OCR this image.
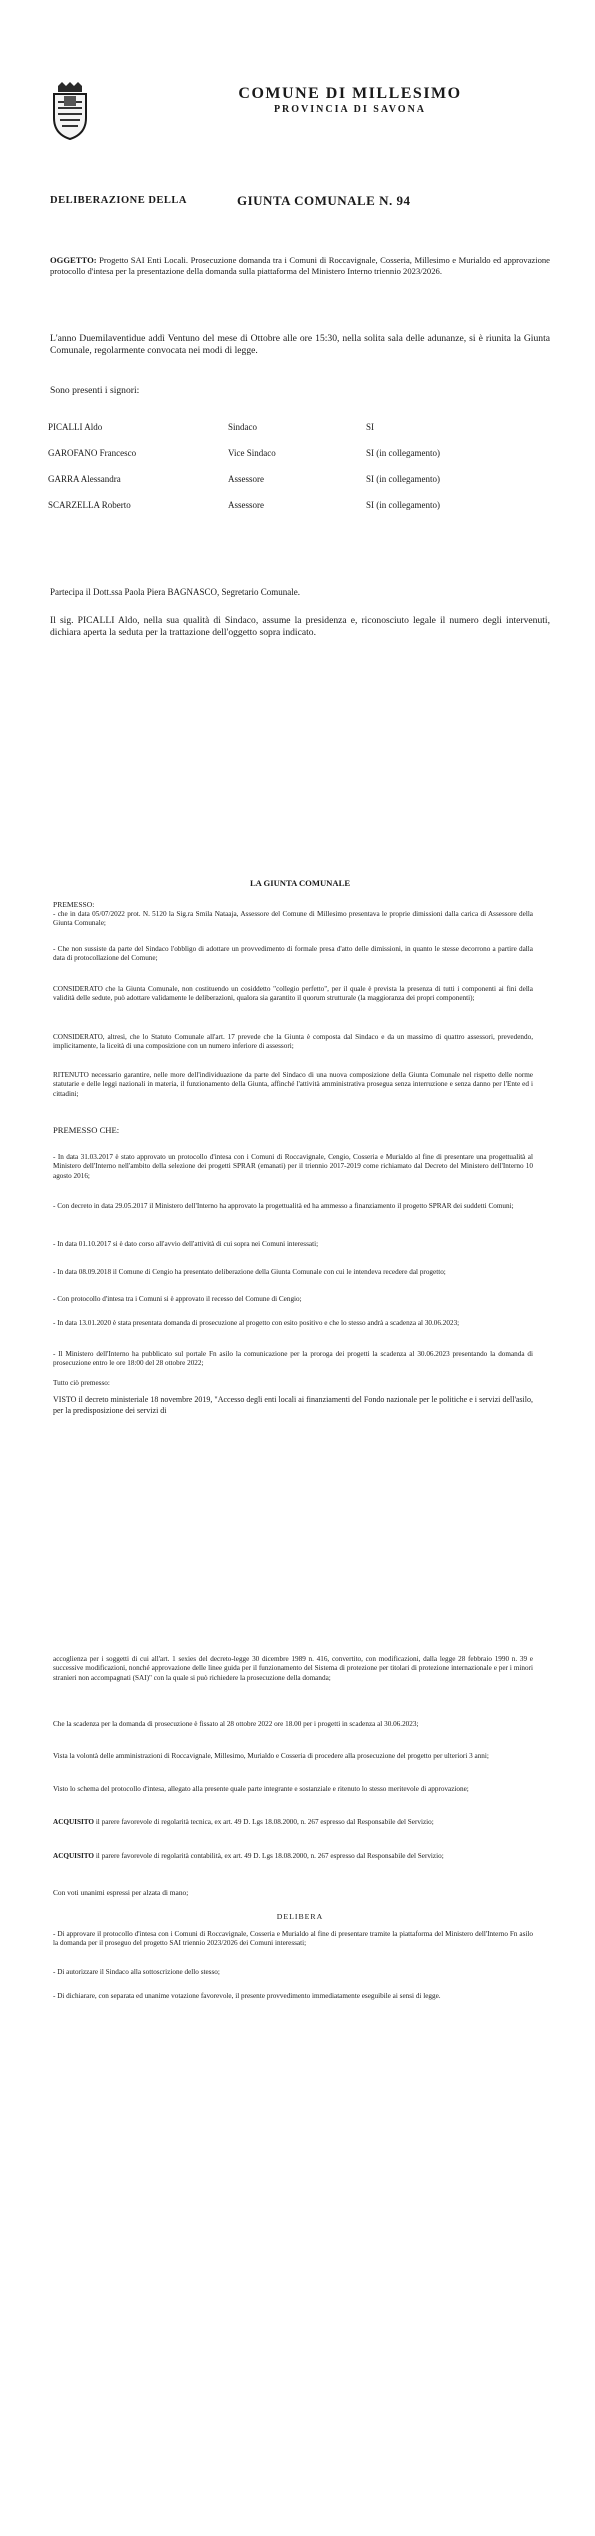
COMUNE DI MILLESIMO
PROVINCIA DI SAVONA
DELIBERAZIONE DELLA	GIUNTA COMUNALE N. 94
OGGETTO: Progetto SAI Enti Locali. Prosecuzione domanda tra i Comuni di Roccavignale, Cosseria, Millesimo e Murialdo ed approvazione protocollo d'intesa per la presentazione della domanda sulla piattaforma del Ministero Interno triennio 2023/2026.
L'anno Duemilaventidue addì Ventuno del mese di Ottobre alle ore 15:30, nella solita sala delle adunanze, si è riunita la Giunta Comunale, regolarmente convocata nei modi di legge.
Sono presenti i signori:
PICALLI Aldo	Sindaco	SI
GAROFANO Francesco	Vice Sindaco	SI (in collegamento)
GARRA Alessandra	Assessore	SI (in collegamento)
SCARZELLA Roberto	Assessore	SI (in collegamento)
Partecipa il Dott.ssa Paola Piera BAGNASCO, Segretario Comunale.
Il sig. PICALLI Aldo, nella sua qualità di Sindaco, assume la presidenza e, riconosciuto legale il numero degli intervenuti, dichiara aperta la seduta per la trattazione dell'oggetto sopra indicato.
LA GIUNTA COMUNALE
PREMESSO:
- che in data 05/07/2022 prot. N. 5120 la Sig.ra Smila Nataaja, Assessore del Comune di Millesimo presentava le proprie dimissioni dalla carica di Assessore della Giunta Comunale;
- Che non sussiste da parte del Sindaco l'obbligo di adottare un provvedimento di formale presa d'atto delle dimissioni, in quanto le stesse decorrono a partire dalla data di protocollazione del Comune;
CONSIDERATO che la Giunta Comunale, non costituendo un cosiddetto "collegio perfetto", per il quale è prevista la presenza di tutti i componenti ai fini della validità delle sedute, può adottare validamente le deliberazioni, qualora sia garantito il quorum strutturale (la maggioranza dei propri componenti);
CONSIDERATO, altresì, che lo Statuto Comunale all'art. 17 prevede che la Giunta è composta dal Sindaco e da un massimo di quattro assessori, prevedendo, implicitamente, la liceità di una composizione con un numero inferiore di assessori;
RITENUTO necessario garantire, nelle more dell'individuazione da parte del Sindaco di una nuova composizione della Giunta Comunale nel rispetto delle norme statutarie e delle leggi nazionali in materia, il funzionamento della Giunta, affinché l'attività amministrativa prosegua senza interruzione e senza danno per l'Ente ed i cittadini;
PREMESSO CHE:
- In data 31.03.2017 è stato approvato un protocollo d'intesa con i Comuni di Roccavignale, Cengio, Cosseria e Murialdo al fine di presentare una progettualità al Ministero dell'Interno nell'ambito della selezione dei progetti SPRAR (emanati) per il triennio 2017-2019 come richiamato dal Decreto del Ministero dell'Interno 10 agosto 2016;
- Con decreto in data 29.05.2017 il Ministero dell'Interno ha approvato la progettualità ed ha ammesso a finanziamento il progetto SPRAR dei suddetti Comuni;
- In data 01.10.2017 si è dato corso all'avvio dell'attività di cui sopra nei Comuni interessati;
- In data 08.09.2018 il Comune di Cengio ha presentato deliberazione della Giunta Comunale con cui le intendeva recedere dal progetto;
- Con protocollo d'intesa tra i Comuni si è approvato il recesso del Comune di Cengio;
- In data 13.01.2020 è stata presentata domanda di prosecuzione al progetto con esito positivo e che lo stesso andrà a scadenza al 30.06.2023;
- Il Ministero dell'Interno ha pubblicato sul portale Fn asilo la comunicazione per la proroga dei progetti la scadenza al 30.06.2023 presentando la domanda di prosecuzione entro le ore 18:00 del 28 ottobre 2022;
Tutto ciò premesso:
VISTO il decreto ministeriale 18 novembre 2019, "Accesso degli enti locali ai finanziamenti del Fondo nazionale per le politiche e i servizi dell'asilo, per la predisposizione dei servizi di
accoglienza per i soggetti di cui all'art. 1 sexies del decreto-legge 30 dicembre 1989 n. 416, convertito, con modificazioni, dalla legge 28 febbraio 1990 n. 39 e successive modificazioni, nonché approvazione delle linee guida per il funzionamento del Sistema di protezione per titolari di protezione internazionale e per i minori stranieri non accompagnati (SAI)" con la quale si può richiedere la prosecuzione della domanda;
Che la scadenza per la domanda di prosecuzione è fissato al 28 ottobre 2022 ore 18.00 per i progetti in scadenza al 30.06.2023;
Vista la volontà delle amministrazioni di Roccavignale, Millesimo, Murialdo e Cosseria di procedere alla prosecuzione del progetto per ulteriori 3 anni;
Visto lo schema del protocollo d'intesa, allegato alla presente quale parte integrante e sostanziale e ritenuto lo stesso meritevole di approvazione;
ACQUISITO il parere favorevole di regolarità tecnica, ex art. 49 D. Lgs 18.08.2000, n. 267 espresso dal Responsabile del Servizio;
ACQUISITO il parere favorevole di regolarità contabilità, ex art. 49 D. Lgs 18.08.2000, n. 267 espresso dal Responsabile del Servizio;
Con voti unanimi espressi per alzata di mano;
DELIBERA
- Di approvare il protocollo d'intesa con i Comuni di Roccavignale, Cosseria e Murialdo al fine di presentare tramite la piattaforma del Ministero dell'Interno Fn asilo la domanda per il proseguo del progetto SAI triennio 2023/2026 dei Comuni interessati;
- Di autorizzare il Sindaco alla sottoscrizione dello stesso;
- Di dichiarare, con separata ed unanime votazione favorevole, il presente provvedimento immediatamente eseguibile ai sensi di legge.
